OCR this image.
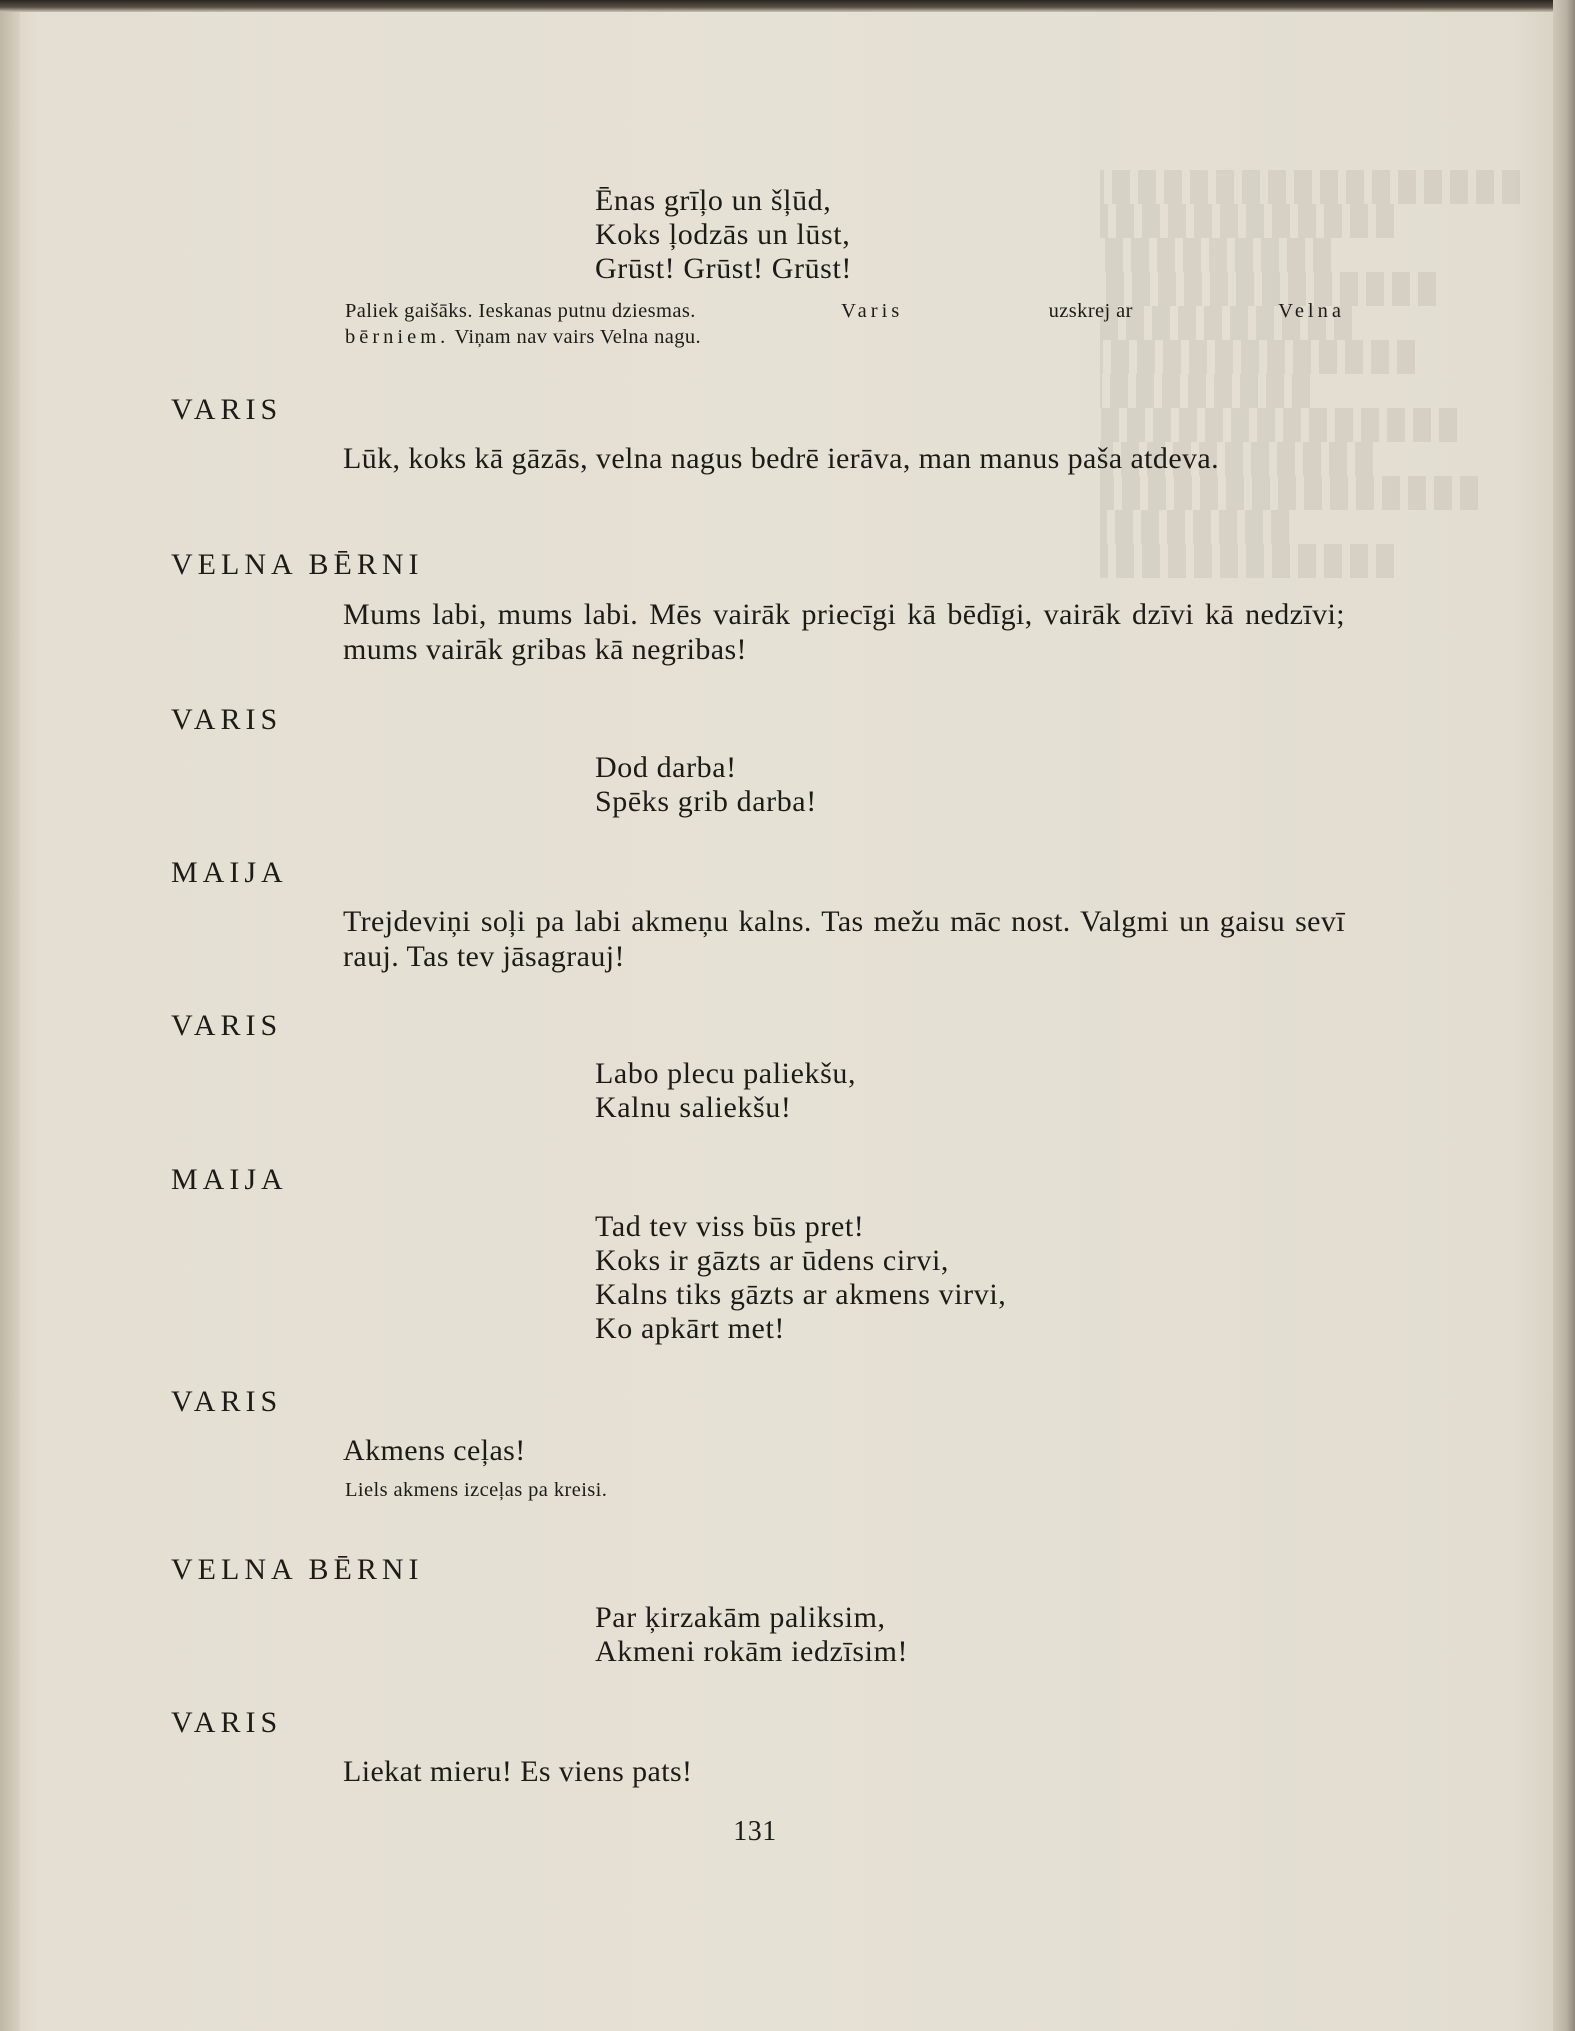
Ēnas grīļo un šļūd,
Koks ļodzās un lūst,
Grūst! Grūst! Grūst!
Paliek gaišāks. Ieskanas putnu dziesmas.	Varis	uzskrej ar	Velna
bērniem. Viņam nav vairs Velna nagu.
VARIS
Lūk, koks kā gāzās, velna nagus bedrē ierāva, man manus paša atdeva.
VELNA BĒRNI
Mums labi, mums labi. Mēs vairāk priecīgi kā bēdīgi, vairāk dzīvi kā nedzīvi; mums vairāk gribas kā negribas!
VARIS
Dod darba!
Spēks grib darba!
MAIJA
Trejdeviņi soļi pa labi akmeņu kalns. Tas mežu māc nost. Valgmi un gaisu sevī rauj. Tas tev jāsagrauj!
VARIS
Labo plecu paliekšu,
Kalnu saliekšu!
MAIJA
Tad tev viss būs pret!
Koks ir gāzts ar ūdens cirvi,
Kalns tiks gāzts ar akmens virvi,
Ko apkārt met!
VARIS
Akmens ceļas!
Liels akmens izceļas pa kreisi.
VELNA BĒRNI
Par ķirzakām paliksim,
Akmeni rokām iedzīsim!
VARIS
Liekat mieru! Es viens pats!
131
